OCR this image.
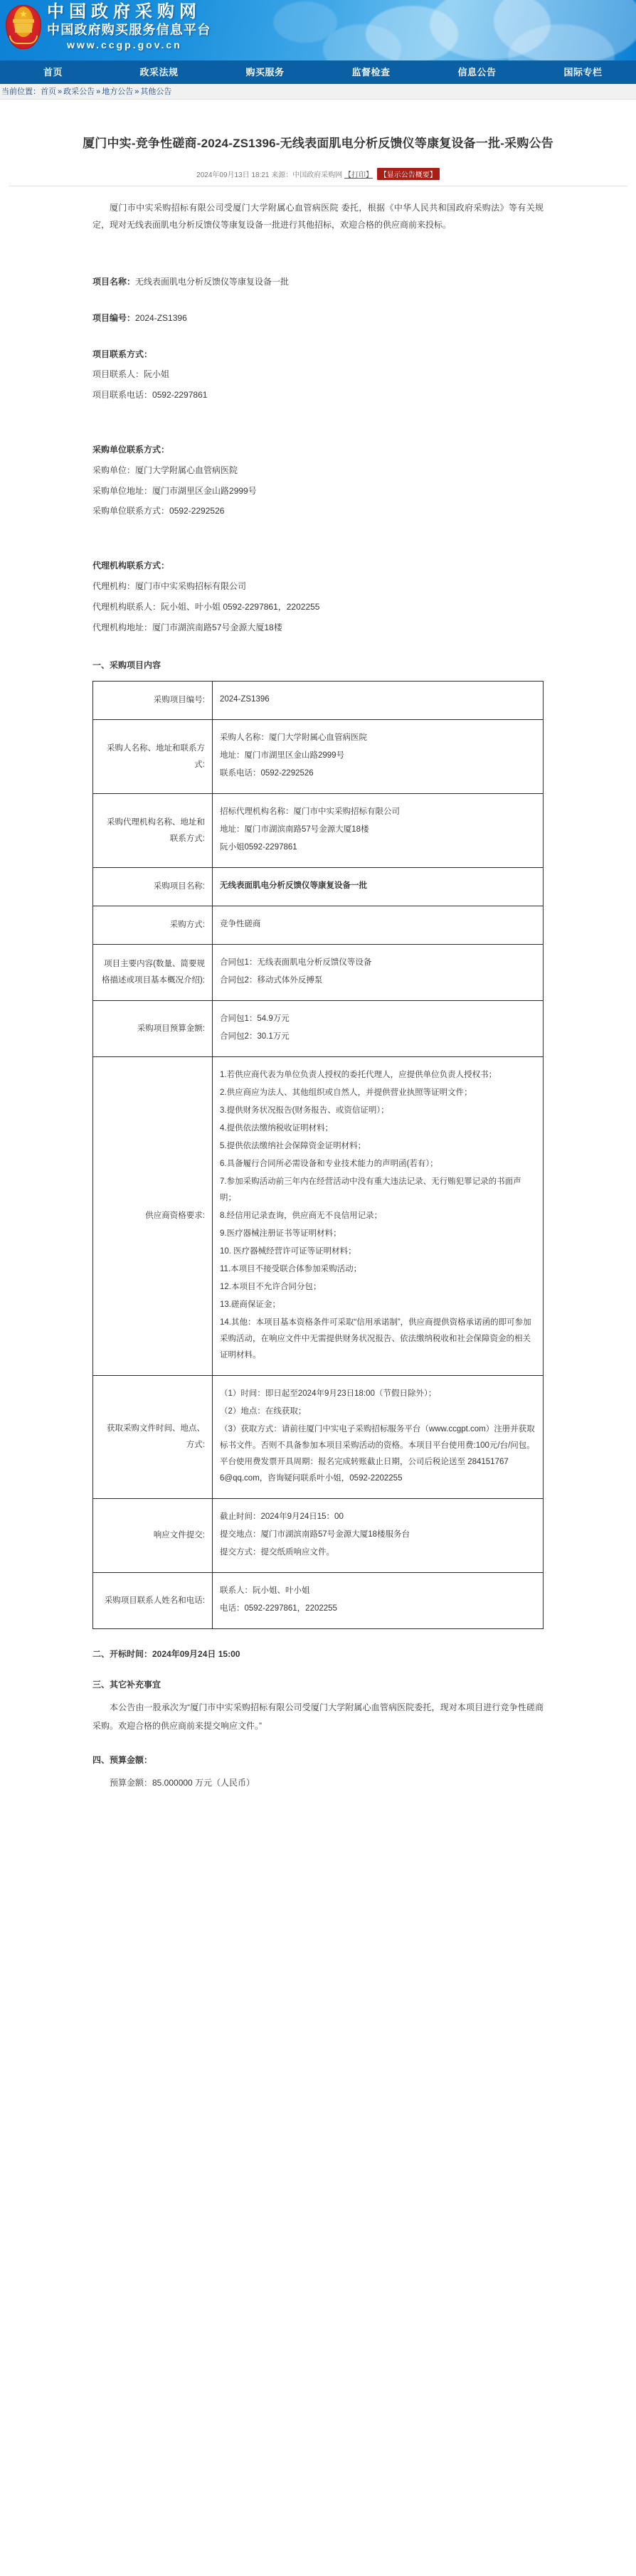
★ 中国政府采购网
中国政府购买服务信息平台
www.ccgp.gov.cn
首页	政采法规	购买服务	监督检查	信息公告	国际专栏
当前位置：首页 » 政采公告 » 地方公告 » 其他公告
厦门中实-竞争性磋商-2024-ZS1396-无线表面肌电分析反馈仪等康复设备一批-采购公告
2024年09月13日 18:21 来源：中国政府采购网 【打印】 【显示公告概要】

厦门市中实采购招标有限公司受厦门大学附属心血管病医院 委托，根据《中华人民共和国政府采购法》等有关规定，现对无线表面肌电分析反馈仪等康复设备一批进行其他招标，欢迎合格的供应商前来投标。

项目名称：无线表面肌电分析反馈仪等康复设备一批
项目编号：2024-ZS1396
项目联系方式：
项目联系人：阮小姐
项目联系电话：0592-2297861
采购单位联系方式：
采购单位：厦门大学附属心血管病医院
采购单位地址：厦门市湖里区金山路2999号
采购单位联系方式：0592-2292526
代理机构联系方式：
代理机构：厦门市中实采购招标有限公司
代理机构联系人：阮小姐、叶小姐 0592-2297861，2202255
代理机构地址：厦门市湖滨南路57号金源大厦18楼
一、采购项目内容
采购项目编号:	2024-ZS1396

采购人名称、地址和联系方式:	采购人名称：厦门大学附属心血管病医院

地址：厦门市湖里区金山路2999号

联系电话：0592-2292526

采购代理机构名称、地址和联系方式:	招标代理机构名称：厦门市中实采购招标有限公司

地址：厦门市湖滨南路57号金源大厦18楼

阮小姐0592-2297861

采购项目名称:	无线表面肌电分析反馈仪等康复设备一批

采购方式:	竞争性磋商

项目主要内容(数量、简要规格描述或项目基本概况介绍):	合同包1：无线表面肌电分析反馈仪等设备

合同包2：移动式体外反搏泵

采购项目预算金额:	合同包1：54.9万元

合同包2：30.1万元

供应商资格要求:	

1.若供应商代表为单位负责人授权的委托代理人，应提供单位负责人授权书；

2.供应商应为法人、其他组织或自然人，并提供营业执照等证明文件；

3.提供财务状况报告(财务报告、或资信证明）；

4.提供依法缴纳税收证明材料；

5.提供依法缴纳社会保障资金证明材料；

6.具备履行合同所必需设备和专业技术能力的声明函(若有）；

7.参加采购活动前三年内在经营活动中没有重大违法记录、无行贿犯罪记录的书面声明；

8.经信用记录查询，供应商无不良信用记录；

9.医疗器械注册证书等证明材料；

10. 医疗器械经营许可证等证明材料；

11.本项目不接受联合体参加采购活动；

12.本项目不允许合同分包；

13.磋商保证金；

14.其他：本项目基本资格条件可采取“信用承诺制”，供应商提供资格承诺函的即可参加采购活动，在响应文件中无需提供财务状况报告、依法缴纳税收和社会保障资金的相关证明材料。

获取采购文件时间、地点、方式:	（1）时间：即日起至2024年9月23日18:00（节假日除外）；

（2）地点：在线获取；

（3）获取方式：请前往厦门中实电子采购招标服务平台（www.ccgpt.com）注册并获取标书文件。否则不具备参加本项目采购活动的资格。本项目平台使用费:100元/台/问包。平台使用费发票开具周期：报名完成转账截止日期，公司后税论送至 284151767 6@qq.com，咨询疑问联系叶小姐，0592-2202255

响应文件提交:	截止时间：2024年9月24日15：00

提交地点：厦门市湖滨南路57号金源大厦18楼服务台

提交方式：提交纸质响应文件。

采购项目联系人姓名和电话:	联系人：阮小姐、叶小姐

电话：0592-2297861，2202255

二、开标时间：2024年09月24日 15:00
三、其它补充事宜

本公告由一股承次为“厦门市中实采购招标有限公司受厦门大学附属心血管病医院委托，现对本项目进行竞争性磋商采购。欢迎合格的供应商前来提交响应文件。”

四、预算金额：

预算金额：85.000000 万元（人民币）
